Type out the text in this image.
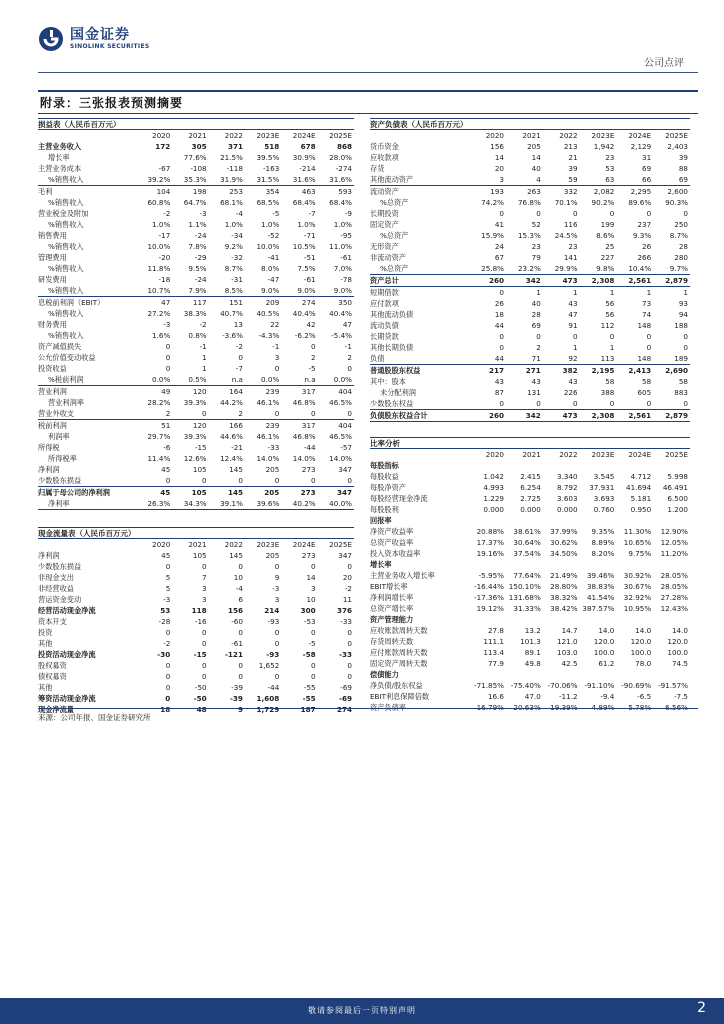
国金证券
SINOLINK SECURITIES
公司点评
附录：三张报表预测摘要
损益表（人民币百万元）
	2020	2021	2022	2023E	2024E	2025E
主营业务收入	172	305	371	518	678	868
增长率		77.6%	21.5%	39.5%	30.9%	28.0%
主营业务成本	-67	-108	-118	-163	-214	-274
%销售收入	39.2%	35.3%	31.9%	31.5%	31.6%	31.6%
毛利	104	198	253	354	463	593
%销售收入	60.8%	64.7%	68.1%	68.5%	68.4%	68.4%
营业税金及附加	-2	-3	-4	-5	-7	-9
%销售收入	1.0%	1.1%	1.0%	1.0%	1.0%	1.0%
销售费用	-17	-24	-34	-52	-71	-95
%销售收入	10.0%	7.8%	9.2%	10.0%	10.5%	11.0%
管理费用	-20	-29	-32	-41	-51	-61
%销售收入	11.8%	9.5%	8.7%	8.0%	7.5%	7.0%
研发费用	-18	-24	-31	-47	-61	-78
%销售收入	10.7%	7.9%	8.5%	9.0%	9.0%	9.0%
息税前利润（EBIT）	47	117	151	209	274	350
%销售收入	27.2%	38.3%	40.7%	40.5%	40.4%	40.4%
财务费用	-3	-2	13	22	42	47
%销售收入	1.6%	0.8%	-3.6%	-4.3%	-6.2%	-5.4%
资产减值损失	0	-1	-2	-1	0	-1
公允价值变动收益	0	1	0	3	2	2
投资收益	0	1	-7	0	-5	0
%税前利润	0.0%	0.5%	n.a	0.0%	n.a	0.0%
营业利润	49	120	164	239	317	404
营业利润率	28.2%	39.3%	44.2%	46.1%	46.8%	46.5%
营业外收支	2	0	2	0	0	0
税前利润	51	120	166	239	317	404
利润率	29.7%	39.3%	44.6%	46.1%	46.8%	46.5%
所得税	-6	-15	-21	-33	-44	-57
所得税率	11.4%	12.6%	12.4%	14.0%	14.0%	14.0%
净利润	45	105	145	205	273	347
少数股东损益	0	0	0	0	0	0
归属于母公司的净利润	45	105	145	205	273	347
净利率	26.3%	34.3%	39.1%	39.6%	40.2%	40.0%
资产负债表（人民币百万元）
	2020	2021	2022	2023E	2024E	2025E
货币资金	156	205	213	1,942	2,129	2,403
应收款项	14	14	21	23	31	39
存货	20	40	39	53	69	88
其他流动资产	3	4	59	63	66	69
流动资产	193	263	332	2,082	2,295	2,600
%总资产	74.2%	76.8%	70.1%	90.2%	89.6%	90.3%
长期投资	0	0	0	0	0	0
固定资产	41	52	116	199	237	250
%总资产	15.9%	15.3%	24.5%	8.6%	9.3%	8.7%
无形资产	24	23	23	25	26	28
非流动资产	67	79	141	227	266	280
%总资产	25.8%	23.2%	29.9%	9.8%	10.4%	9.7%
资产总计	260	342	473	2,308	2,561	2,879
短期借款	0	1	1	1	1	1
应付款项	26	40	43	56	73	93
其他流动负债	18	28	47	56	74	94
流动负债	44	69	91	112	148	188
长期贷款	0	0	0	0	0	0
其他长期负债	0	2	1	1	0	0
负债	44	71	92	113	148	189
普通股股东权益	217	271	382	2,195	2,413	2,690
其中：股本	43	43	43	58	58	58
未分配利润	87	131	226	388	605	883
少数股东权益	0	0	0	0	0	0
负债股东权益合计	260	342	473	2,308	2,561	2,879
比率分析
	2020	2021	2022	2023E	2024E	2025E
每股指标						
每股收益	1.042	2.415	3.340	3.545	4.712	5.998
每股净资产	4.993	6.254	8.792	37.931	41.694	46.491
每股经营现金净流	1.229	2.725	3.603	3.693	5.181	6.500
每股股利	0.000	0.000	0.000	0.760	0.950	1.200
回报率						
净资产收益率	20.88%	38.61%	37.99%	9.35%	11.30%	12.90%
总资产收益率	17.37%	30.64%	30.62%	8.89%	10.65%	12.05%
投入资本收益率	19.16%	37.54%	34.50%	8.20%	9.75%	11.20%
增长率						
主营业务收入增长率	-5.95%	77.64%	21.49%	39.46%	30.92%	28.05%
EBIT增长率	-16.44%	150.10%	28.80%	38.83%	30.67%	28.05%
净利润增长率	-17.36%	131.68%	38.32%	41.54%	32.92%	27.28%
总资产增长率	19.12%	31.33%	38.42%	387.57%	10.95%	12.43%
资产管理能力						
应收账款周转天数	27.8	13.2	14.7	14.0	14.0	14.0
存货周转天数	111.1	101.3	121.0	120.0	120.0	120.0
应付账款周转天数	113.4	89.1	103.0	100.0	100.0	100.0
固定资产周转天数	77.9	49.8	42.5	61.2	78.0	74.5
偿债能力						
净负债/股东权益	-71.85%	-75.40%	-70.06%	-91.10%	-90.69%	-91.57%
EBIT利息保障倍数	16.6	47.0	-11.2	-9.4	-6.5	-7.5
资产负债率	16.79%	20.63%	19.39%	4.89%	5.78%	6.56%
现金流量表（人民币百万元）
	2020	2021	2022	2023E	2024E	2025E
净利润	45	105	145	205	273	347
少数股东损益	0	0	0	0	0	0
非现金支出	5	7	10	9	14	20
非经营收益	5	3	-4	-3	3	-2
营运资金变动	-3	3	6	3	10	11
经营活动现金净流	53	118	156	214	300	376
资本开支	-28	-16	-60	-93	-53	-33
投资	0	0	0	0	0	0
其他	-2	0	-61	0	-5	0
投资活动现金净流	-30	-15	-121	-93	-58	-33
股权募资	0	0	0	1,652	0	0
债权募资	0	0	0	0	0	0
其他	0	-50	-39	-44	-55	-69
筹资活动现金净流	0	-50	-39	1,608	-55	-69
现金净流量	18	48	9	1,729	187	274
来源：公司年报、国金证券研究所
敬请参阅最后一页特别声明	2
